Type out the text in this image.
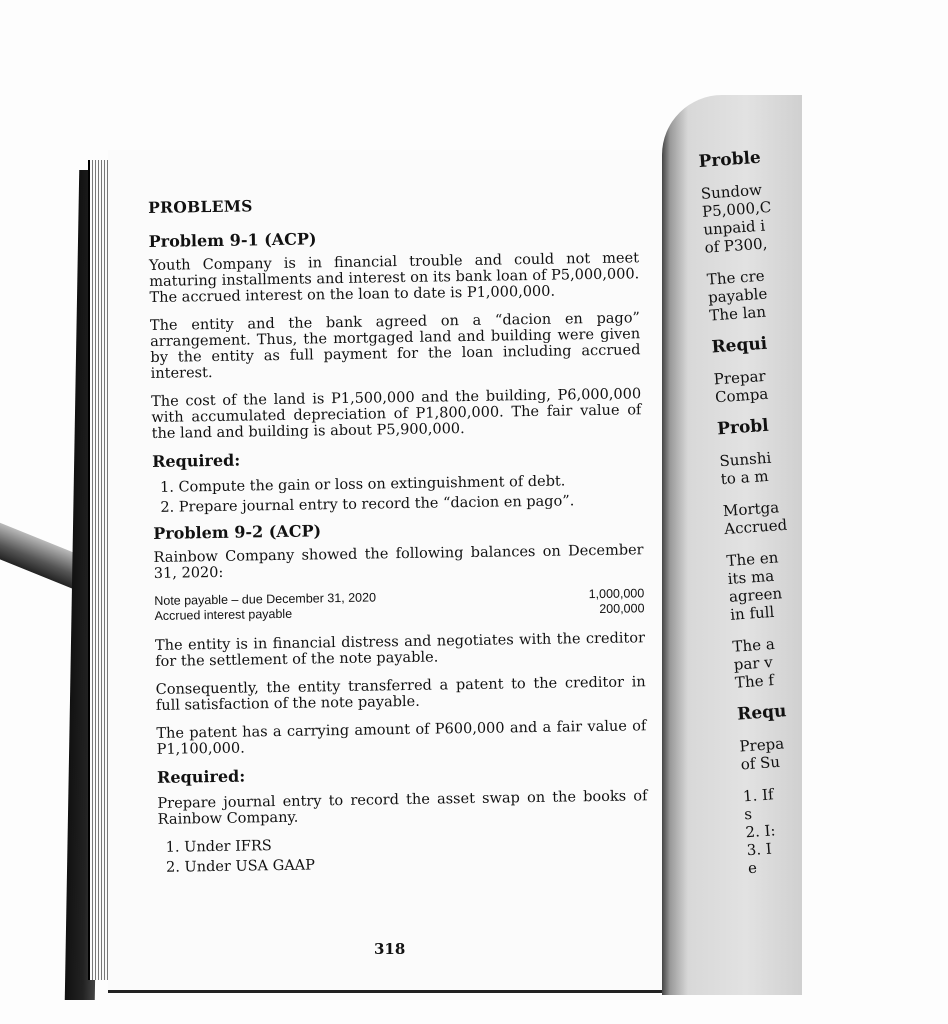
Proble
Sundow
P5,000,C
unpaid i
of P300,
The cre
payable
The lan
Requi
Prepar
Compa
Probl
Sunshi
to a m
Mortga
Accrued
The en
its ma
agreen
in full
The a
par v
The f
Requ
Prepa
of Su
1. If
s
2. I:
3. I
e
PROBLEMS
Problem 9-1 (ACP)

Youth Company is in financial trouble and could not meet maturing installments and interest on its bank loan of P5,000,000. The accrued interest on the loan to date is P1,000,000.

The entity and the bank agreed on a “dacion en pago” arrangement. Thus, the mortgaged land and building were given by the entity as full payment for the loan including accrued interest.

The cost of the land is P1,500,000 and the building, P6,000,000 with accumulated depreciation of P1,800,000. The fair value of the land and building is about P5,900,000.

Required:
1. Compute the gain or loss on extinguishment of debt.
2. Prepare journal entry to record the “dacion en pago”.
Problem 9-2 (ACP)

Rainbow Company showed the following balances on December 31, 2020:

Note payable – due December 31, 2020	1,000,000
Accrued interest payable	200,000

The entity is in financial distress and negotiates with the creditor for the settlement of the note payable.

Consequently, the entity transferred a patent to the creditor in full satisfaction of the note payable.

The patent has a carrying amount of P600,000 and a fair value of P1,100,000.

Required:

Prepare journal entry to record the asset swap on the books of Rainbow Company.

1. Under IFRS
2. Under USA GAAP
318
